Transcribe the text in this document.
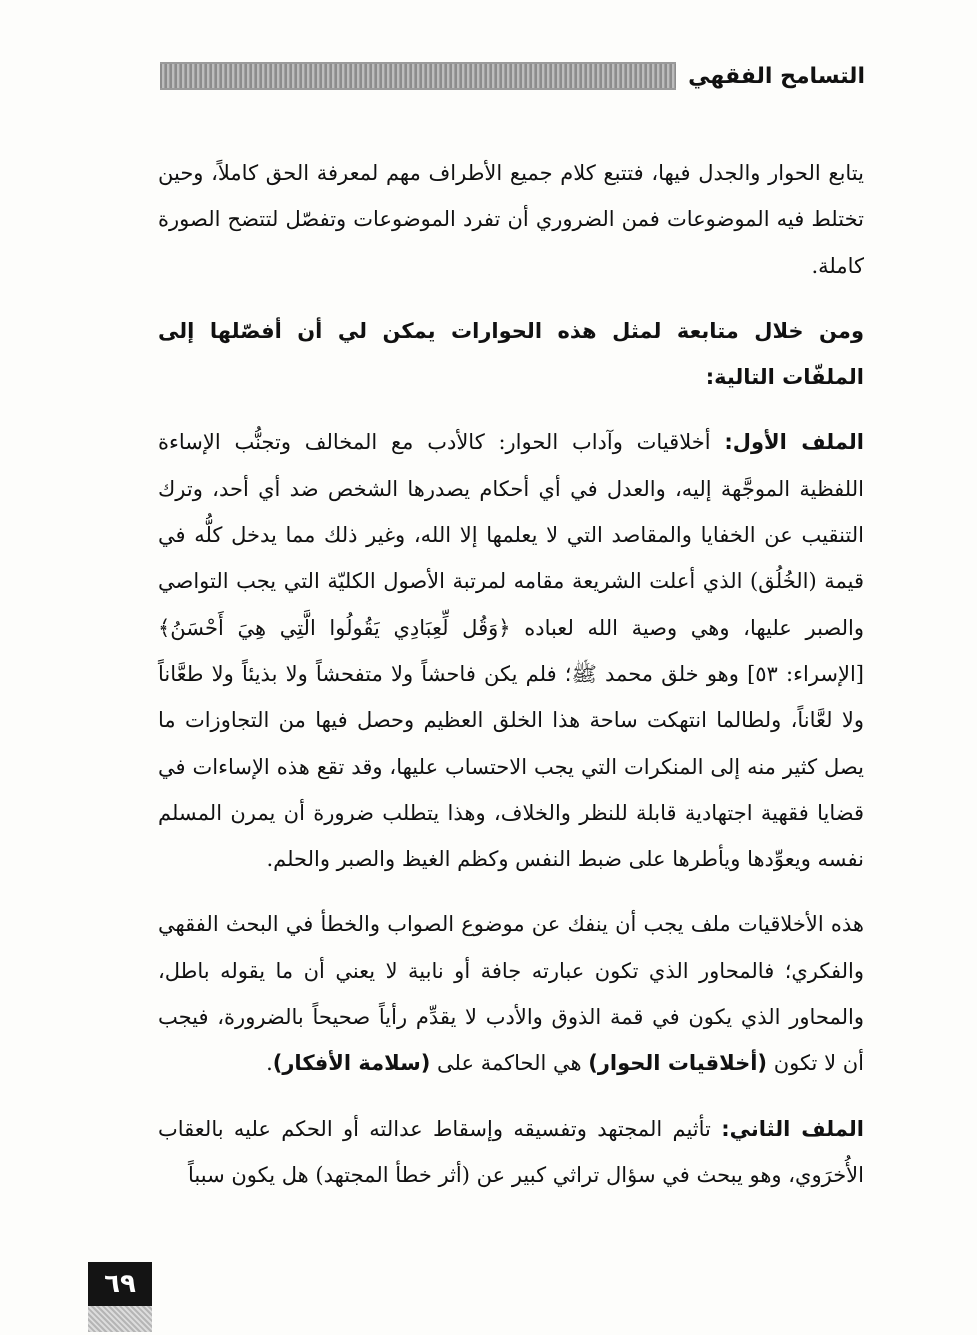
التسامح الفقهي

يتابع الحوار والجدل فيها، فتتبع كلام جميع الأطراف مهم لمعرفة الحق كاملاً، وحين تختلط فيه الموضوعات فمن الضروري أن تفرد الموضوعات وتفصّل لتتضح الصورة كاملة.

ومن خلال متابعة لمثل هذه الحوارات يمكن لي أن أفصّلها إلى الملفّات التالية:

الملف الأول: أخلاقيات وآداب الحوار: كالأدب مع المخالف وتجنُّب الإساءة اللفظية الموجَّهة إليه، والعدل في أي أحكام يصدرها الشخص ضد أي أحد، وترك التنقيب عن الخفايا والمقاصد التي لا يعلمها إلا الله، وغير ذلك مما يدخل كلُّه في قيمة (الخُلُق) الذي أعلت الشريعة مقامه لمرتبة الأصول الكليّة التي يجب التواصي والصبر عليها، وهي وصية الله لعباده ﴿وَقُل لِّعِبَادِي يَقُولُوا الَّتِي هِيَ أَحْسَنُ﴾ [الإسراء: ٥٣] وهو خلق محمد ﷺ؛ فلم يكن فاحشاً ولا متفحشاً ولا بذيئاً ولا طعَّاناً ولا لعَّاناً، ولطالما انتهكت ساحة هذا الخلق العظيم وحصل فيها من التجاوزات ما يصل كثير منه إلى المنكرات التي يجب الاحتساب عليها، وقد تقع هذه الإساءات في قضايا فقهية اجتهادية قابلة للنظر والخلاف، وهذا يتطلب ضرورة أن يمرن المسلم نفسه ويعوِّدها ويأطرها على ضبط النفس وكظم الغيظ والصبر والحلم.

هذه الأخلاقيات ملف يجب أن ينفك عن موضوع الصواب والخطأ في البحث الفقهي والفكري؛ فالمحاور الذي تكون عبارته جافة أو نابية لا يعني أن ما يقوله باطل، والمحاور الذي يكون في قمة الذوق والأدب لا يقدِّم رأياً صحيحاً بالضرورة، فيجب أن لا تكون (أخلاقيات الحوار) هي الحاكمة على (سلامة الأفكار).

الملف الثاني: تأثيم المجتهد وتفسيقه وإسقاط عدالته أو الحكم عليه بالعقاب الأُخرَوي، وهو يبحث في سؤال تراثي كبير عن (أثر خطأ المجتهد) هل يكون سبباً

٦٩
